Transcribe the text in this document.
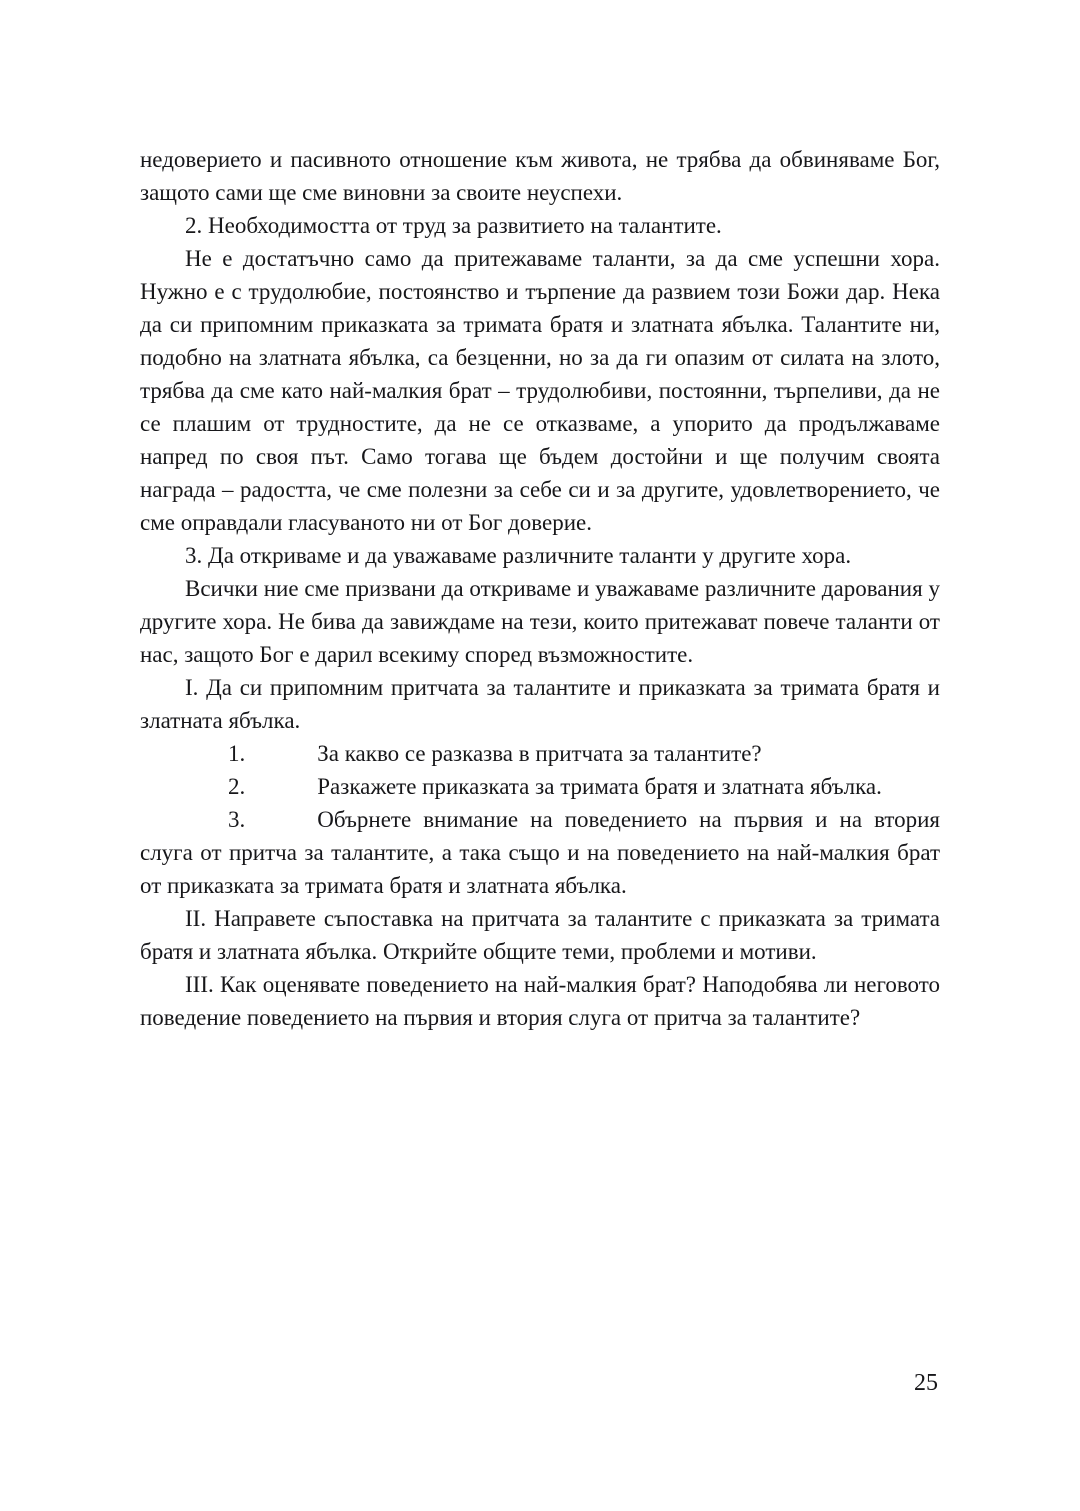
недоверието и пасивното отношение към живота, не трябва да обвиняваме Бог, защото сами ще сме виновни за своите неуспехи.

2. Необходимостта от труд за развитието на талантите.

Не е достатъчно само да притежаваме таланти, за да сме успешни хора. Нужно е с трудолюбие, постоянство и търпение да развием този Божи дар. Нека да си припомним приказката за тримата братя и златната ябълка. Талантите ни, подобно на златната ябълка, са безценни, но за да ги опазим от силата на злото, трябва да сме като най-малкия брат – трудолюбиви, постоянни, търпеливи, да не се плашим от трудностите, да не се отказваме, а упорито да продължаваме напред по своя път. Само тогава ще бъдем достойни и ще получим своята награда – радостта, че сме полезни за себе си и за другите, удовлетворението, че сме оправдали гласуваното ни от Бог доверие.

3. Да откриваме и да уважаваме различните таланти у другите хора.

Всички ние сме призвани да откриваме и уважаваме различните дарования у другите хора. Не бива да завиждаме на тези, които притежават повече таланти от нас, защото Бог е дарил всекиму според възможностите.

I. Да си припомним притчата за талантите и приказката за тримата братя и златната ябълка.

1.	За какво се разказва в притчата за талантите?

2.	Разкажете приказката за тримата братя и златната ябълка.

3.	Обърнете внимание на поведението на първия и на втория слуга от притча за талантите, а така също и на поведението на най-малкия брат от приказката за тримата братя и златната ябълка.

II. Направете съпоставка на притчата за талантите с приказката за тримата братя и златната ябълка. Открийте общите теми, проблеми и мотиви.

III. Как оценявате поведението на най-малкия брат? Наподобява ли неговото поведение поведението на първия и втория слуга от притча за талантите?

25
